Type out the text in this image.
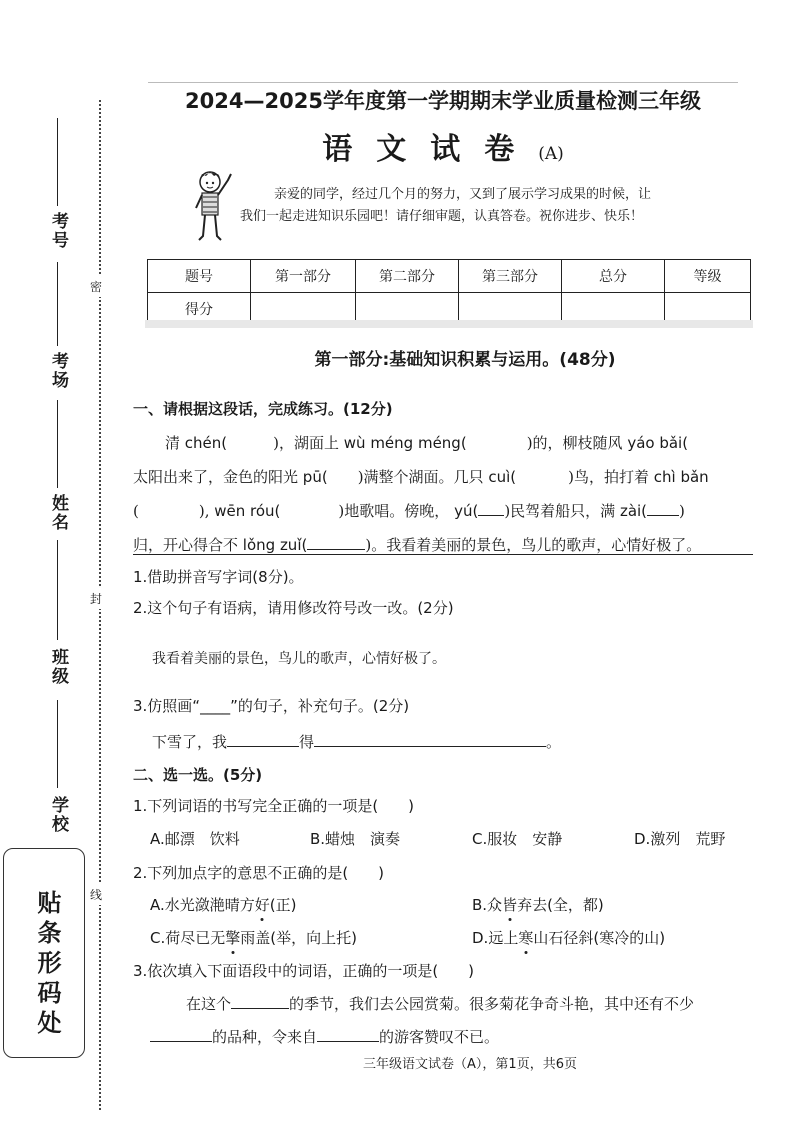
考号
考场
姓名
班级
学校
密
封
线
贴条形码处
2024—2025学年度第一学期期末学业质量检测三年级
语文试卷(A)
亲爱的同学，经过几个月的努力，又到了展示学习成果的时候，让
我们一起走进知识乐园吧！请仔细审题，认真答卷。祝你进步、快乐！
题号	第一部分	第二部分	第三部分	总分	等级
得分					
第一部分:基础知识积累与运用。(48分)
一、请根据这段话，完成练习。(12分)
清 chén(	)，湖面上 wù méng méng(	)的，柳枝随风 yáo bǎi(
太阳出来了，金色的阳光 pū( )满整个湖面。几只 cuì(	)鸟，拍打着 chì bǎn
(	), wēn róu(	)地歌唱。傍晚， yú( )民驾着船只，满 zài( )
归，开心得合不 lǒng zuǐ(	)。我看着美丽的景色，鸟儿的歌声，心情好极了。
1.借助拼音写字词(8分)。
2.这个句子有语病，请用修改符号改一改。(2分)
我看着美丽的景色，鸟儿的歌声，心情好极了。
3.仿照画“____”的句子，补充句子。(2分)
下雪了，我	得	。
二、选一选。(5分)
1.下列词语的书写完全正确的一项是(　　)
A.邮漂　饮料	B.蜡烛　演奏	C.服妆　安静	D.激列　荒野
2.下列加点字的意思不正确的是(　　)
A.水光潋滟晴方好(正)	B.众皆弃去(全，都)
C.荷尽已无擎雨盖(举，向上托)	D.远上寒山石径斜(寒冷的山)
3.依次填入下面语段中的词语，正确的一项是(　　)
在这个	的季节，我们去公园赏菊。很多菊花争奇斗艳，其中还有不少
的品种，令来自	的游客赞叹不已。
三年级语文试卷（A），第1页，共6页
